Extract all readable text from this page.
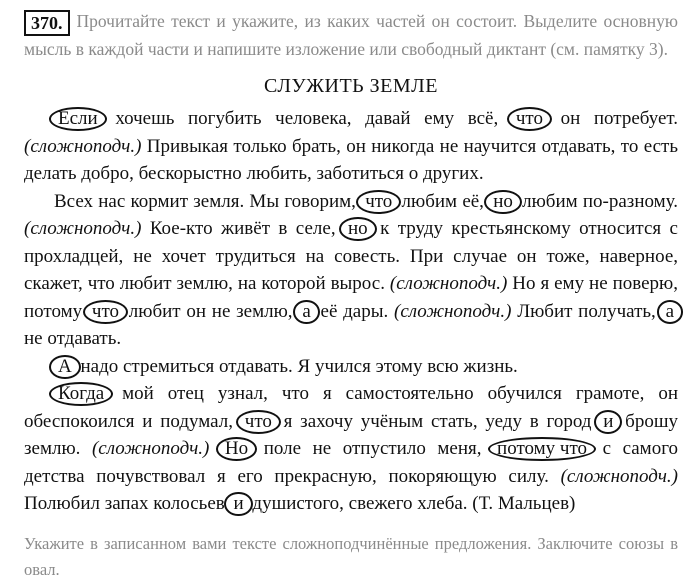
370. Прочитайте текст и укажите, из каких частей он состоит. Выделите основную мысль в каждой части и напишите изложение или свободный диктант (см. памятку 3).
СЛУЖИТЬ ЗЕМЛЕ

Если хочешь погубить человека, давай ему всё, что он потребует. (сложноподч.) Привыкая только брать, он никогда не научится отдавать, то есть делать добро, бескорыстно любить, заботиться о других.

Всех нас кормит земля. Мы говорим, что любим её, но любим по-разному. (сложноподч.) Кое-кто живёт в селе, но к труду крестьянскому относится с прохладцей, не хочет трудиться на совесть. При случае он тоже, наверное, скажет, что любит землю, на которой вырос. (сложноподч.) Но я ему не поверю, потому что любит он не землю, а её дары. (сложноподч.) Любит получать, а не отдавать.

А надо стремиться отдавать. Я учился этому всю жизнь.

Когда мой отец узнал, что я самостоятельно обучился грамоте, он обеспокоился и подумал, что я захочу учёным стать, уеду в город и брошу землю. (сложноподч.) Но поле не отпустило меня, потому что с самого детства почувствовал я его прекрасную, покоряющую силу. (сложноподч.) Полюбил запах колосьев и душистого, свежего хлеба. (Т. Мальцев)

Укажите в записанном вами тексте сложноподчинённые предложения. Заключите союзы в овал.
